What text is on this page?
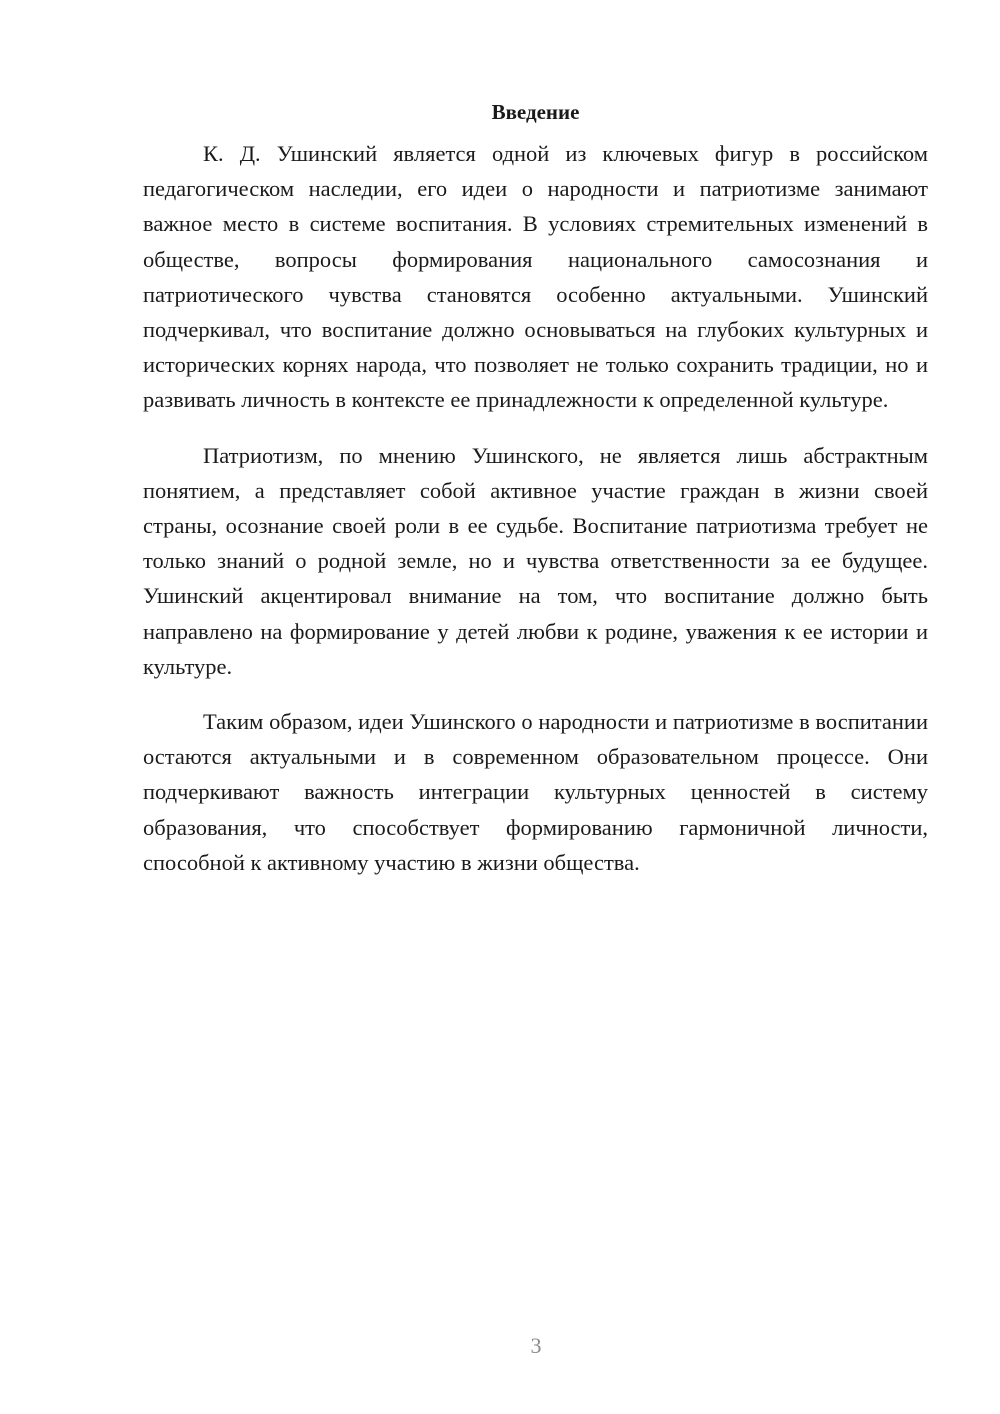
Введение

К. Д. Ушинский является одной из ключевых фигур в российском педагогическом наследии, его идеи о народности и патриотизме занимают важное место в системе воспитания. В условиях стремительных изменений в обществе, вопросы формирования национального самосознания и патриотического чувства становятся особенно актуальными. Ушинский подчеркивал, что воспитание должно основываться на глубоких культурных и исторических корнях народа, что позволяет не только сохранить традиции, но и развивать личность в контексте ее принадлежности к определенной культуре.

Патриотизм, по мнению Ушинского, не является лишь абстрактным понятием, а представляет собой активное участие граждан в жизни своей страны, осознание своей роли в ее судьбе. Воспитание патриотизма требует не только знаний о родной земле, но и чувства ответственности за ее будущее. Ушинский акцентировал внимание на том, что воспитание должно быть направлено на формирование у детей любви к родине, уважения к ее истории и культуре.

Таким образом, идеи Ушинского о народности и патриотизме в воспитании остаются актуальными и в современном образовательном процессе. Они подчеркивают важность интеграции культурных ценностей в систему образования, что способствует формированию гармоничной личности, способной к активному участию в жизни общества.

3
